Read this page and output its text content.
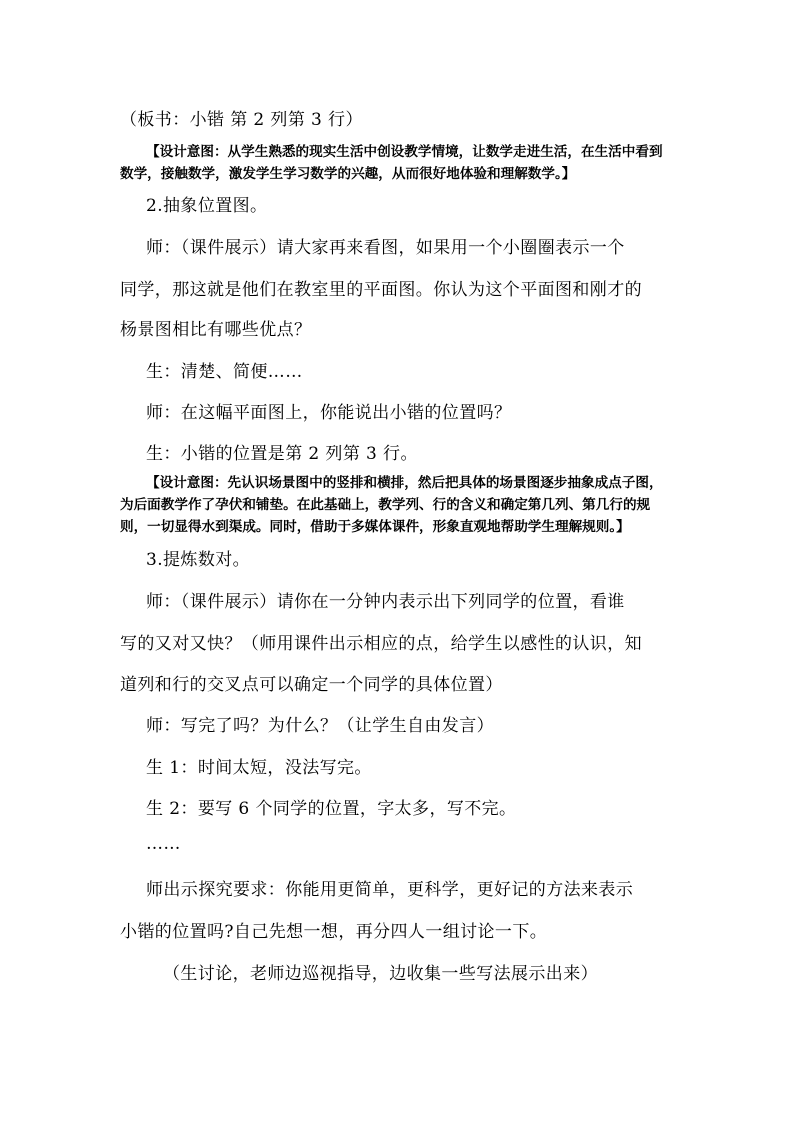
（板书：小锴 第 2 列第 3 行）
【设计意图：从学生熟悉的现实生活中创设教学情境，让数学走进生活，在生活中看到
数学，接触数学，激发学生学习数学的兴趣，从而很好地体验和理解数学。】
2.抽象位置图。
师：（课件展示）请大家再来看图，如果用一个小圈圈表示一个
同学，那这就是他们在教室里的平面图。你认为这个平面图和刚才的
杨景图相比有哪些优点？
生：清楚、简便……
师：在这幅平面图上，你能说出小锴的位置吗？
生：小锴的位置是第 2 列第 3 行。
【设计意图：先认识场景图中的竖排和横排，然后把具体的场景图逐步抽象成点子图，
为后面教学作了孕伏和铺垫。在此基础上，教学列、行的含义和确定第几列、第几行的规
则，一切显得水到渠成。同时，借助于多媒体课件，形象直观地帮助学生理解规则。】
3.提炼数对。
师：（课件展示）请你在一分钟内表示出下列同学的位置，看谁
写的又对又快？（师用课件出示相应的点，给学生以感性的认识，知
道列和行的交叉点可以确定一个同学的具体位置）
师：写完了吗？为什么？（让学生自由发言）
生 1：时间太短，没法写完。
生 2：要写 6 个同学的位置，字太多，写不完。
……
师出示探究要求：你能用更简单，更科学，更好记的方法来表示
小锴的位置吗?自己先想一想，再分四人一组讨论一下。
（生讨论，老师边巡视指导，边收集一些写法展示出来）
